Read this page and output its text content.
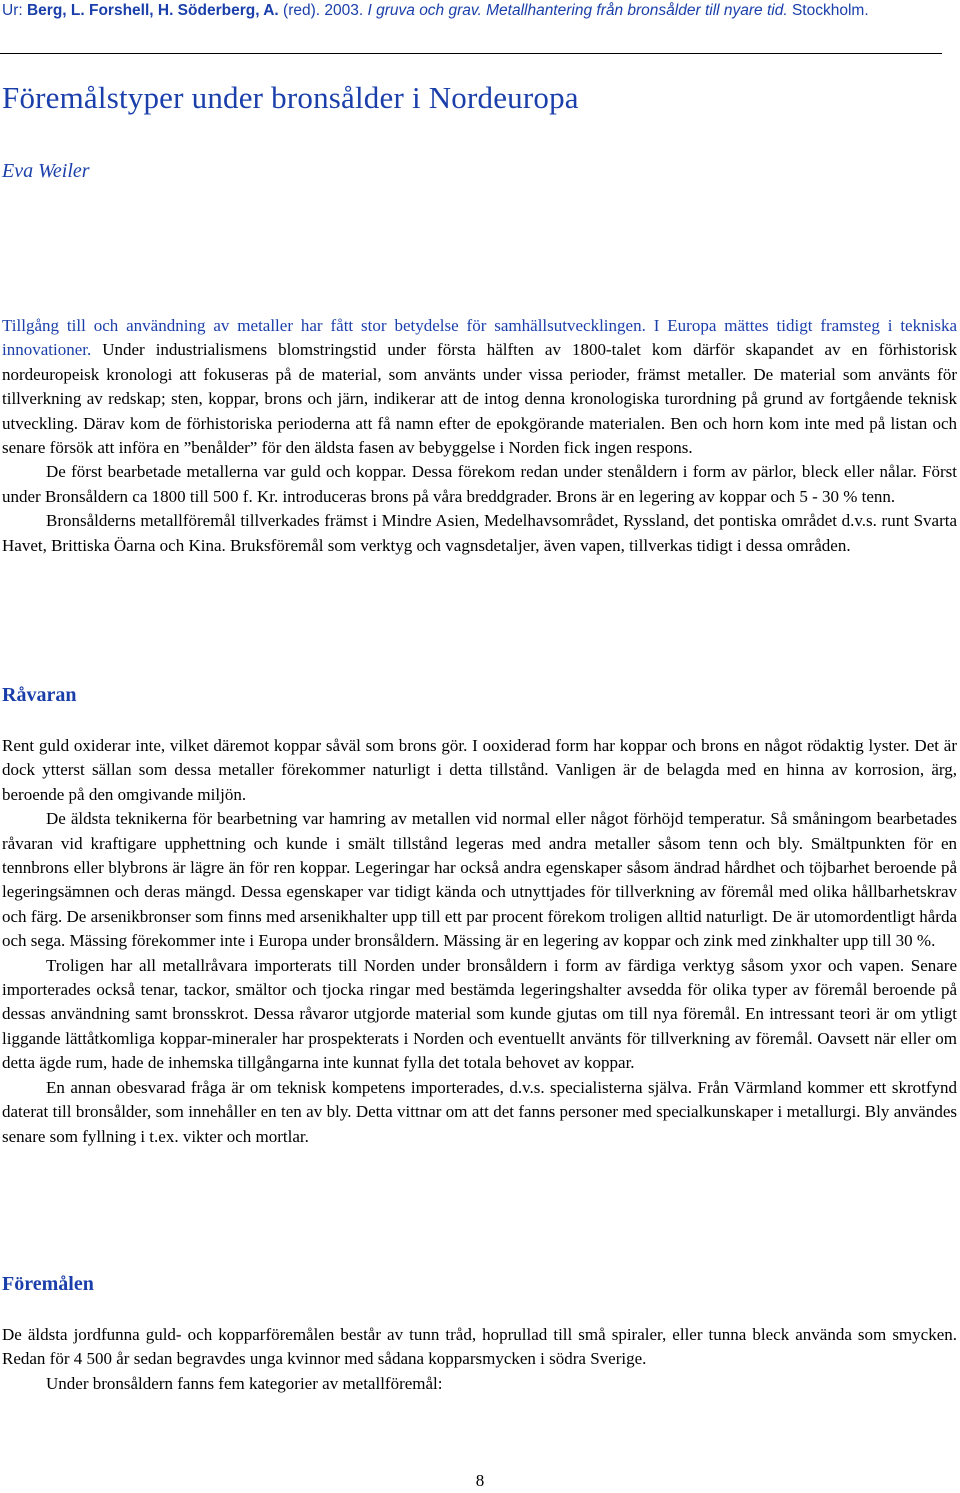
Ur: Berg, L. Forshell, H. Söderberg, A. (red). 2003. I gruva och grav. Metallhantering från bronsålder till nyare tid. Stockholm.
Föremålstyper under bronsålder i Nordeuropa
Eva Weiler

Tillgång till och användning av metaller har fått stor betydelse för samhällsutvecklingen. I Europa mättes tidigt framsteg i tekniska innovationer. Under industrialismens blomstringstid under första hälften av 1800-talet kom därför skapandet av en förhistorisk nordeuropeisk kronologi att fokuseras på de material, som använts under vissa perioder, främst metaller. De material som använts för tillverkning av redskap; sten, koppar, brons och järn, indikerar att de intog denna kronologiska turordning på grund av fortgående teknisk utveckling. Därav kom de förhistoriska perioderna att få namn efter de epokgörande materialen. Ben och horn kom inte med på listan och senare försök att införa en ”benålder” för den äldsta fasen av bebyggelse i Norden fick ingen respons.

De först bearbetade metallerna var guld och koppar. Dessa förekom redan under stenåldern i form av pärlor, bleck eller nålar. Först under Bronsåldern ca 1800 till 500 f. Kr. introduceras brons på våra breddgrader. Brons är en legering av koppar och 5 - 30 % tenn.

Bronsålderns metallföremål tillverkades främst i Mindre Asien, Medelhavsområdet, Ryssland, det pontiska området d.v.s. runt Svarta Havet, Brittiska Öarna och Kina. Bruksföremål som verktyg och vagnsdetaljer, även vapen, tillverkas tidigt i dessa områden.

Råvaran

Rent guld oxiderar inte, vilket däremot koppar såväl som brons gör. I ooxiderad form har koppar och brons en något rödaktig lyster. Det är dock ytterst sällan som dessa metaller förekommer naturligt i detta tillstånd. Vanligen är de belagda med en hinna av korrosion, ärg, beroende på den omgivande miljön.

De äldsta teknikerna för bearbetning var hamring av metallen vid normal eller något förhöjd temperatur. Så småningom bearbetades råvaran vid kraftigare upphettning och kunde i smält tillstånd legeras med andra metaller såsom tenn och bly. Smältpunkten för en tennbrons eller blybrons är lägre än för ren koppar. Legeringar har också andra egenskaper såsom ändrad hårdhet och töjbarhet beroende på legeringsämnen och deras mängd. Dessa egenskaper var tidigt kända och utnyttjades för tillverkning av föremål med olika hållbarhetskrav och färg. De arsenikbronser som finns med arsenikhalter upp till ett par procent förekom troligen alltid naturligt. De är utomordentligt hårda och sega. Mässing förekommer inte i Europa under bronsåldern. Mässing är en legering av koppar och zink med zinkhalter upp till 30 %.

Troligen har all metallråvara importerats till Norden under bronsåldern i form av färdiga verktyg såsom yxor och vapen. Senare importerades också tenar, tackor, smältor och tjocka ringar med bestämda legeringshalter avsedda för olika typer av föremål beroende på dessas användning samt bronsskrot. Dessa råvaror utgjorde material som kunde gjutas om till nya föremål. En intressant teori är om ytligt liggande lättåtkomliga koppar-mineraler har prospekterats i Norden och eventuellt använts för tillverkning av föremål. Oavsett när eller om detta ägde rum, hade de inhemska tillgångarna inte kunnat fylla det totala behovet av koppar.

En annan obesvarad fråga är om teknisk kompetens importerades, d.v.s. specialisterna själva. Från Värmland kommer ett skrotfynd daterat till bronsålder, som innehåller en ten av bly. Detta vittnar om att det fanns personer med specialkunskaper i metallurgi. Bly användes senare som fyllning i t.ex. vikter och mortlar.

Föremålen

De äldsta jordfunna guld- och kopparföremålen består av tunn tråd, hoprullad till små spiraler, eller tunna bleck använda som smycken. Redan för 4 500 år sedan begravdes unga kvinnor med sådana kopparsmycken i södra Sverige.

Under bronsåldern fanns fem kategorier av metallföremål:

8
